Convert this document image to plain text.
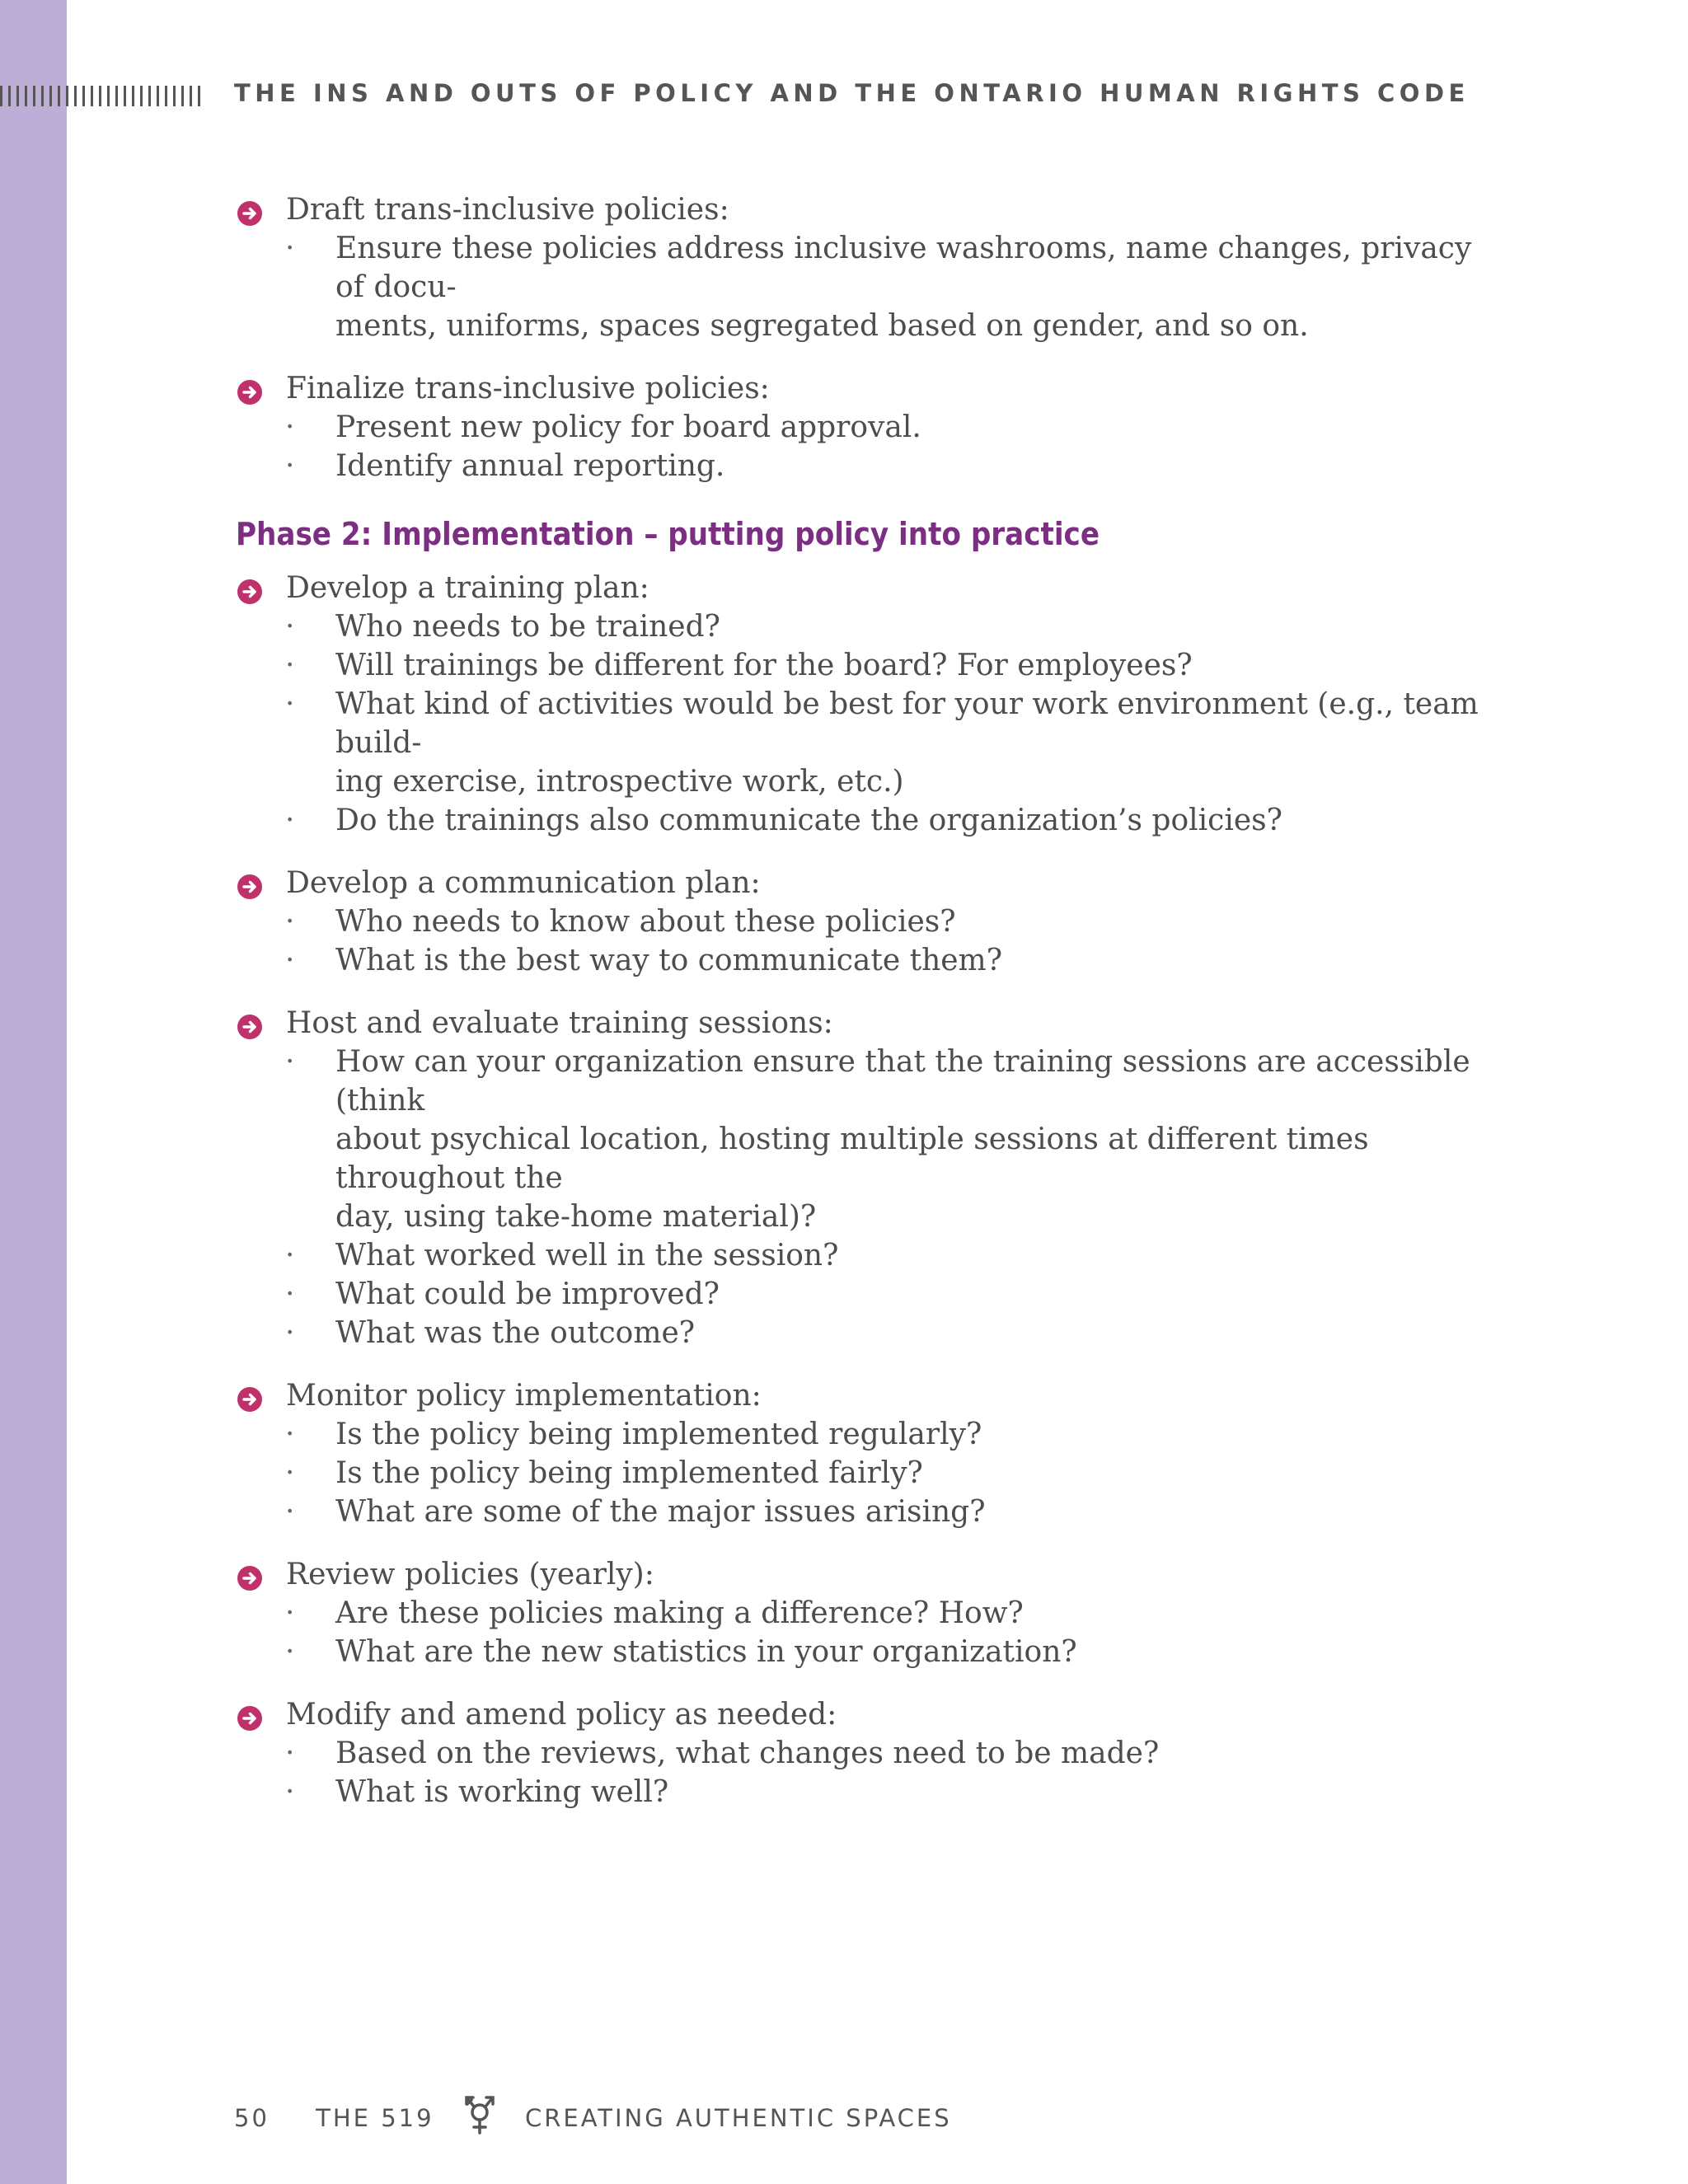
THE INS AND OUTS OF POLICY AND THE ONTARIO HUMAN RIGHTS CODE
Draft trans-inclusive policies:
· Ensure these policies address inclusive washrooms, name changes, privacy of docu-
ments, uniforms, spaces segregated based on gender, and so on.
Finalize trans-inclusive policies:
· Present new policy for board approval.
· Identify annual reporting.
Phase 2: Implementation – putting policy into practice
Develop a training plan:
· Who needs to be trained?
· Will trainings be different for the board? For employees?
· What kind of activities would be best for your work environment (e.g., team build-
ing exercise, introspective work, etc.)
· Do the trainings also communicate the organization’s policies?
Develop a communication plan:
· Who needs to know about these policies?
· What is the best way to communicate them?
Host and evaluate training sessions:
· How can your organization ensure that the training sessions are accessible (think
about psychical location, hosting multiple sessions at different times throughout the
day, using take-home material)?
· What worked well in the session?
· What could be improved?
· What was the outcome?
Monitor policy implementation:
· Is the policy being implemented regularly?
· Is the policy being implemented fairly?
· What are some of the major issues arising?
Review policies (yearly):
· Are these policies making a difference? How?
· What are the new statistics in your organization?
Modify and amend policy as needed:
· Based on the reviews, what changes need to be made?
· What is working well?
50 THE 519	CREATING AUTHENTIC SPACES
